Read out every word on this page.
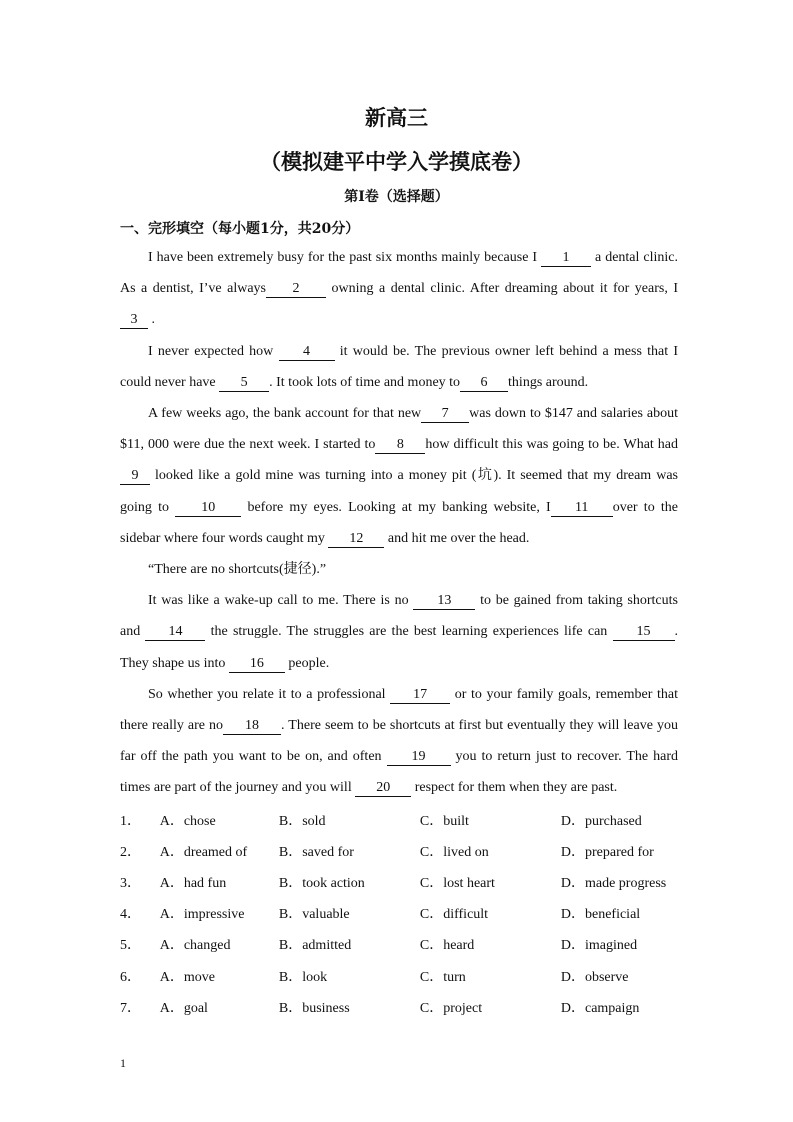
新高三
（模拟建平中学入学摸底卷）
第I卷（选择题）
一、完形填空（每小题1分，共20分）

I have been extremely busy for the past six months mainly because I 1 a dental clinic. As a dentist, I’ve always 2 owning a dental clinic. After dreaming about it for years, I 3 .

I never expected how 4 it would be. The previous owner left behind a mess that I could never have 5 . It took lots of time and money to 6 things around.

A few weeks ago, the bank account for that new 7 was down to $147 and salaries about $11, 000 were due the next week. I started to 8 how difficult this was going to be. What had 9 looked like a gold mine was turning into a money pit (坑). It seemed that my dream was going to 10 before my eyes. Looking at my banking website, I 11 over to the sidebar where four words caught my 12 and hit me over the head.

“There are no shortcuts(捷径).”

It was like a wake-up call to me. There is no 13 to be gained from taking shortcuts and 14 the struggle. The struggles are the best learning experiences life can 15 . They shape us into 16 people.

So whether you relate it to a professional 17 or to your family goals, remember that there really are no 18 . There seem to be shortcuts at first but eventually they will leave you far off the path you want to be on, and often 19 you to return just to recover. The hard times are part of the journey and you will 20 respect for them when they are past.

1．	A．chose	B．sold	C．built	D．purchased
2．	A．dreamed of	B．saved for	C．lived on	D．prepared for
3．	A．had fun	B．took action	C．lost heart	D．made progress
4．	A．impressive	B．valuable	C．difficult	D．beneficial
5．	A．changed	B．admitted	C．heard	D．imagined
6．	A．move	B．look	C．turn	D．observe
7．	A．goal	B．business	C．project	D．campaign
1
